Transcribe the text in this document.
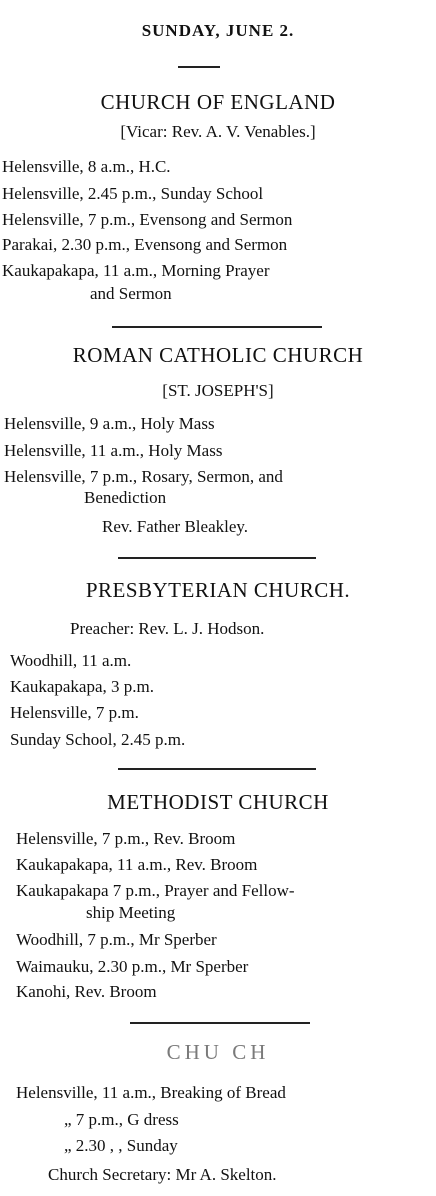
SUNDAY, JUNE 2.
CHURCH OF ENGLAND
[Vicar: Rev. A. V. Venables.]
Helensville, 8 a.m., H.C.
Helensville, 2.45 p.m., Sunday School
Helensville, 7 p.m., Evensong and Sermon
Parakai, 2.30 p.m., Evensong and Sermon
Kaukapakapa, 11 a.m., Morning Prayer
and Sermon
ROMAN CATHOLIC CHURCH
[ST. JOSEPH'S]
Helensville, 9 a.m., Holy Mass
Helensville, 11 a.m., Holy Mass
Helensville, 7 p.m., Rosary, Sermon, and
Benediction
Rev. Father Bleakley.
PRESBYTERIAN CHURCH.
Preacher: Rev. L. J. Hodson.
Woodhill, 11 a.m.
Kaukapakapa, 3 p.m.
Helensville, 7 p.m.
Sunday School, 2.45 p.m.
METHODIST CHURCH
Helensville, 7 p.m., Rev. Broom
Kaukapakapa, 11 a.m., Rev. Broom
Kaukapakapa 7 p.m., Prayer and Fellow-
ship Meeting
Woodhill, 7 p.m., Mr Sperber
Waimauku, 2.30 p.m., Mr Sperber
Kanohi, Rev. Broom
CHU CH
Helensville, 11 a.m., Breaking of Bread
„ 7 p.m., G dress
„ 2.30 , , Sunday
Church Secretary: Mr A. Skelton.
